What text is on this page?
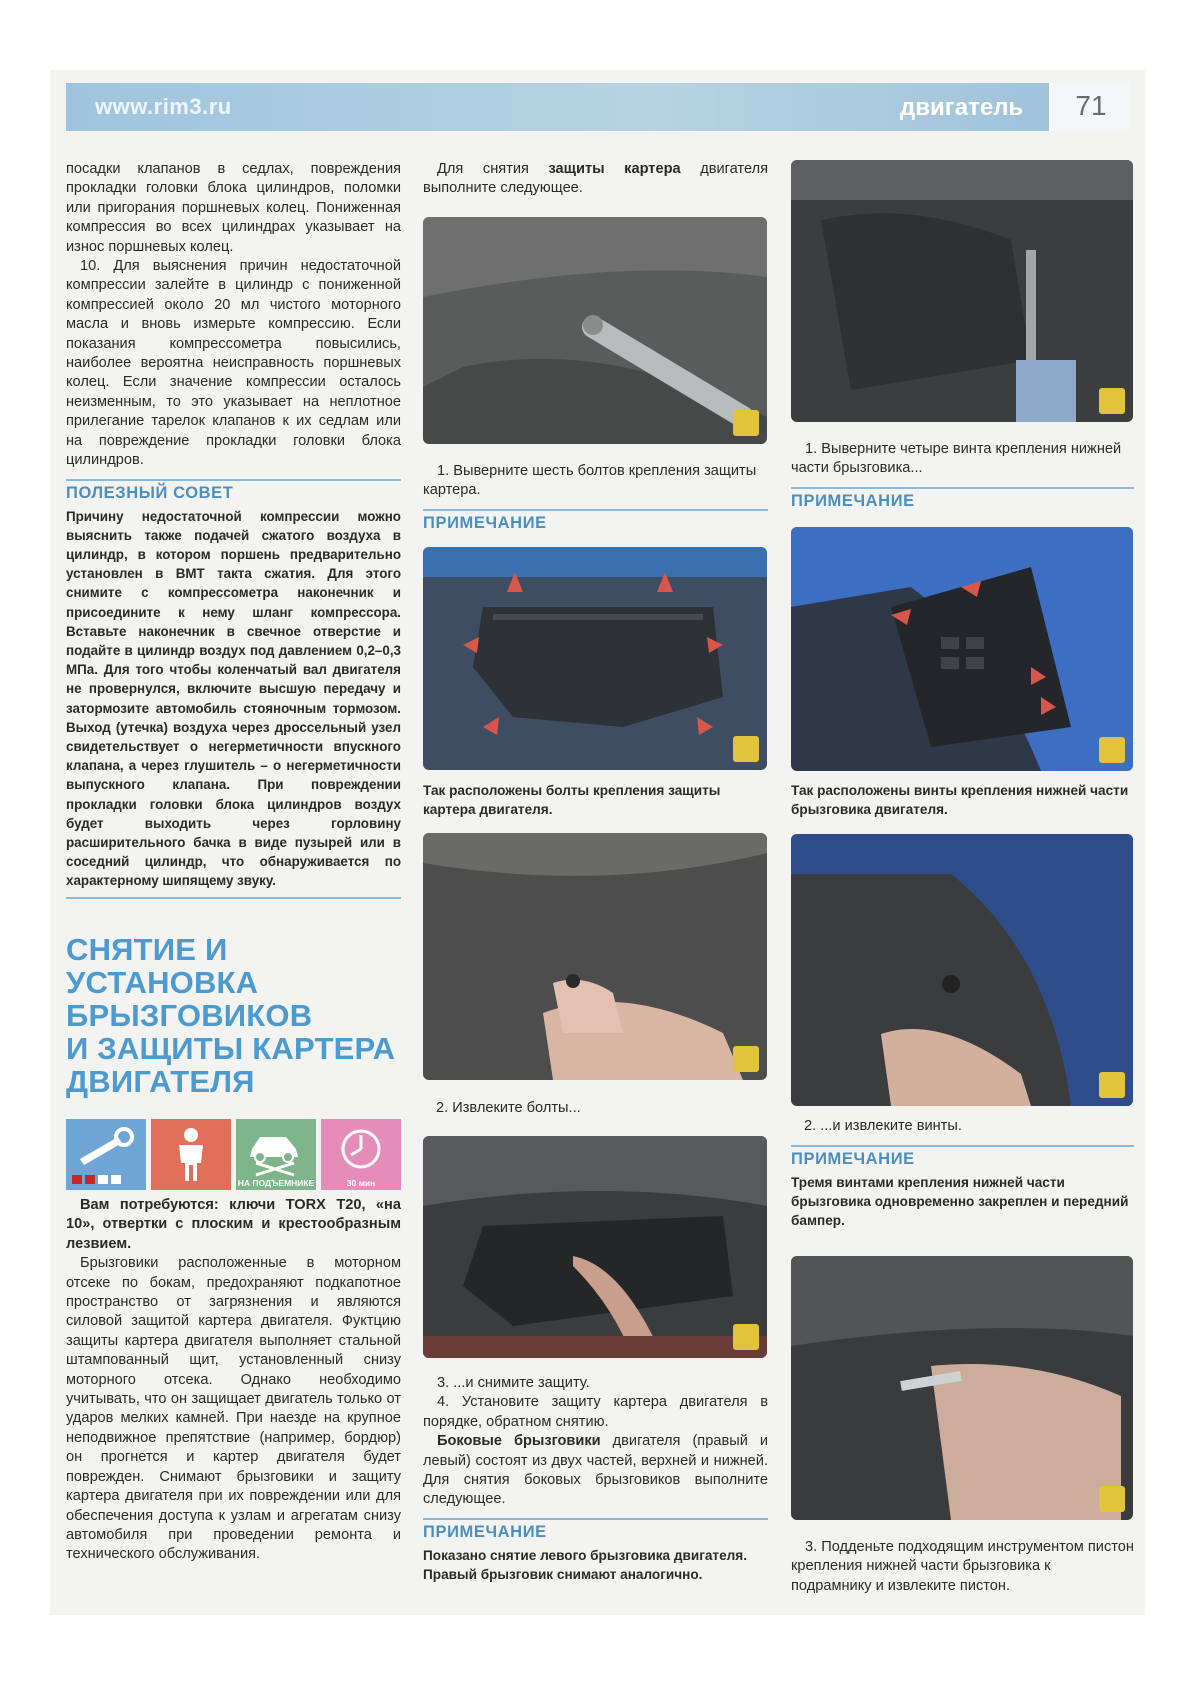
www.rim3.ru	двигатель	71

посадки клапанов в седлах, повреждения прокладки головки блока цилиндров, поломки или пригорания поршневых колец. Пониженная компрессия во всех цилиндрах указывает на износ поршневых колец.

10. Для выяснения причин недостаточной компрессии залейте в цилиндр с пониженной компрессией около 20 мл чистого моторного масла и вновь измерьте компрессию. Если показания компрессометра повысились, наиболее вероятна неисправность поршневых колец. Если значение компрессии осталось неизменным, то это указывает на неплотное прилегание тарелок клапанов к их седлам или на повреждение прокладки головки блока цилиндров.

ПОЛЕЗНЫЙ СОВЕТ

Причину недостаточной компрессии можно выяснить также подачей сжатого воздуха в цилиндр, в котором поршень предварительно установлен в ВМТ такта сжатия. Для этого снимите с компрессометра наконечник и присоедините к нему шланг компрессора. Вставьте наконечник в свечное отверстие и подайте в цилиндр воздух под давлением 0,2–0,3 МПа. Для того чтобы коленчатый вал двигателя не провернулся, включите высшую передачу и затормозите автомобиль стояночным тормозом. Выход (утечка) воздуха через дроссельный узел свидетельствует о негерметичности впускного клапана, а через глушитель – о негерметичности выпускного клапана. При повреждении прокладки головки блока цилиндров воздух будет выходить через горловину расширительного бачка в виде пузырей или в соседний цилиндр, что обнаруживается по характерному шипящему звуку.

СНЯТИЕ И УСТАНОВКА
БРЫЗГОВИКОВ
И ЗАЩИТЫ КАРТЕРА
ДВИГАТЕЛЯ
НА ПОДЪЕМНИКЕ	30 мин

Вам потребуются: ключи TORX T20, «на 10», отвертки с плоским и крестообразным лезвием.

Брызговики расположенные в моторном отсеке по бокам, предохраняют подкапотное пространство от загрязнения и являются силовой защитой картера двигателя. Фуктцию защиты картера двигателя выполняет стальной штампованный щит, установленный снизу моторного отсека. Однако необходимо учитывать, что он защищает двигатель только от ударов мелких камней. При наезде на крупное неподвижное препятствие (например, бордюр) он прогнется и картер двигателя будет поврежден. Снимают брызговики и защиту картера двигателя при их повреждении или для обеспечения доступа к узлам и агрегатам снизу автомобиля при проведении ремонта и технического обслуживания.

Для снятия защиты картера двигателя выполните следующее.

1. Выверните шесть болтов крепления защиты картера.

ПРИМЕЧАНИЕ

Так расположены болты крепления защиты картера двигателя.

2. Извлеките болты...

3. ...и снимите защиту.

4. Установите защиту картера двигателя в порядке, обратном снятию.

Боковые брызговики двигателя (правый и левый) состоят из двух частей, верхней и нижней. Для снятия боковых брызговиков выполните следующее.

ПРИМЕЧАНИЕ

Показано снятие левого брызговика двигателя. Правый брызговик снимают аналогично.

1. Выверните четыре винта крепления нижней части брызговика...

ПРИМЕЧАНИЕ

Так расположены винты крепления нижней части брызговика двигателя.

2. ...и извлеките винты.

ПРИМЕЧАНИЕ

Тремя винтами крепления нижней части брызговика одновременно закреплен и передний бампер.

3. Подденьте подходящим инструментом пистон крепления нижней части брызговика к подрамнику и извлеките пистон.
